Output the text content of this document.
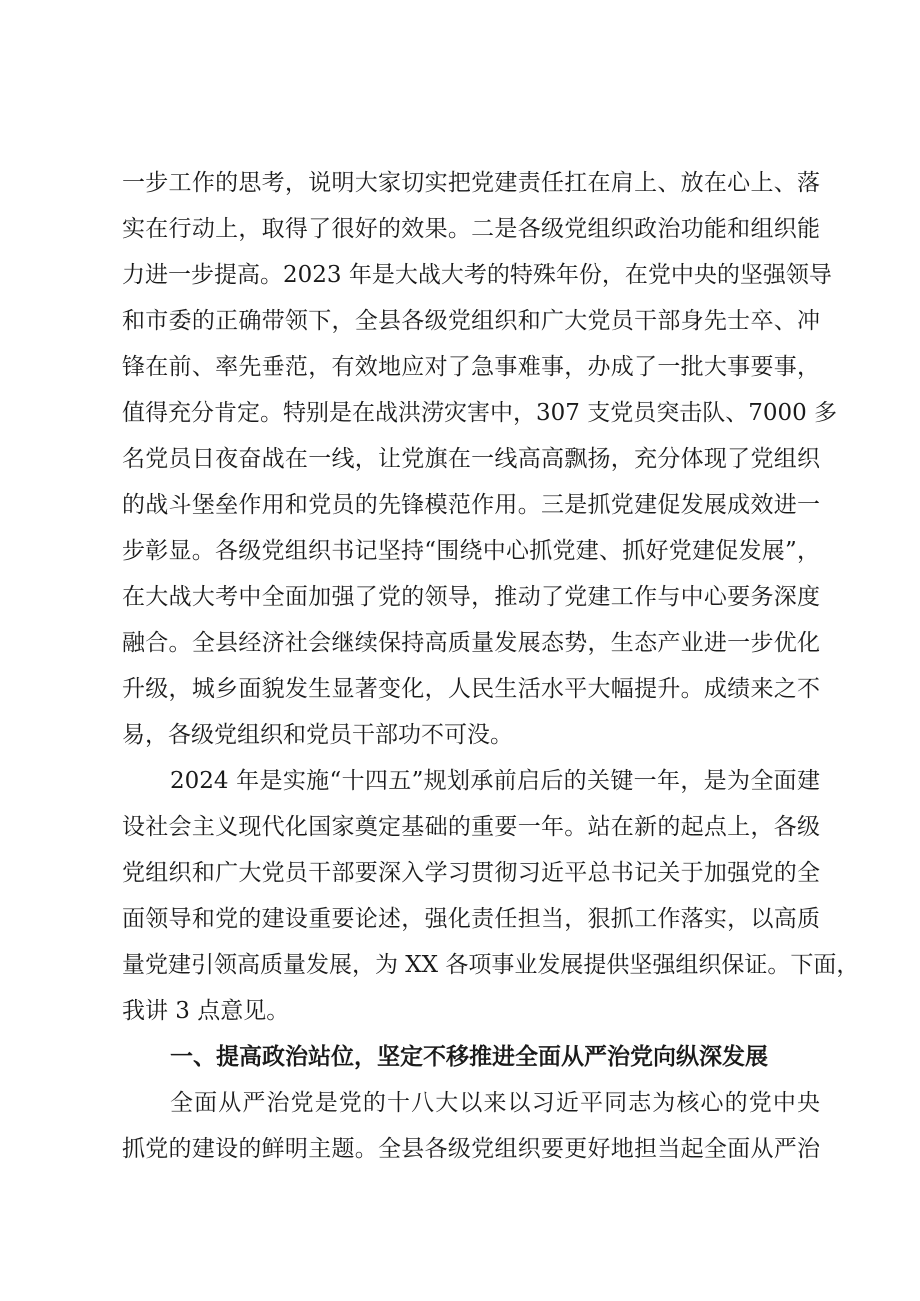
一步工作的思考，说明大家切实把党建责任扛在肩上、放在心上、落
实在行动上，取得了很好的效果。二是各级党组织政治功能和组织能
力进一步提高。2023 年是大战大考的特殊年份，在党中央的坚强领导
和市委的正确带领下，全县各级党组织和广大党员干部身先士卒、冲
锋在前、率先垂范，有效地应对了急事难事，办成了一批大事要事，
值得充分肯定。特别是在战洪涝灾害中，307 支党员突击队、7000 多
名党员日夜奋战在一线，让党旗在一线高高飘扬，充分体现了党组织
的战斗堡垒作用和党员的先锋模范作用。三是抓党建促发展成效进一
步彰显。各级党组织书记坚持“围绕中心抓党建、抓好党建促发展”，
在大战大考中全面加强了党的领导，推动了党建工作与中心要务深度
融合。全县经济社会继续保持高质量发展态势，生态产业进一步优化
升级，城乡面貌发生显著变化，人民生活水平大幅提升。成绩来之不
易，各级党组织和党员干部功不可没。
2024 年是实施“十四五”规划承前启后的关键一年，是为全面建
设社会主义现代化国家奠定基础的重要一年。站在新的起点上，各级
党组织和广大党员干部要深入学习贯彻习近平总书记关于加强党的全
面领导和党的建设重要论述，强化责任担当，狠抓工作落实，以高质
量党建引领高质量发展，为 XX 各项事业发展提供坚强组织保证。下面，
我讲 3 点意见。
一、提高政治站位，坚定不移推进全面从严治党向纵深发展
全面从严治党是党的十八大以来以习近平同志为核心的党中央
抓党的建设的鲜明主题。全县各级党组织要更好地担当起全面从严治
